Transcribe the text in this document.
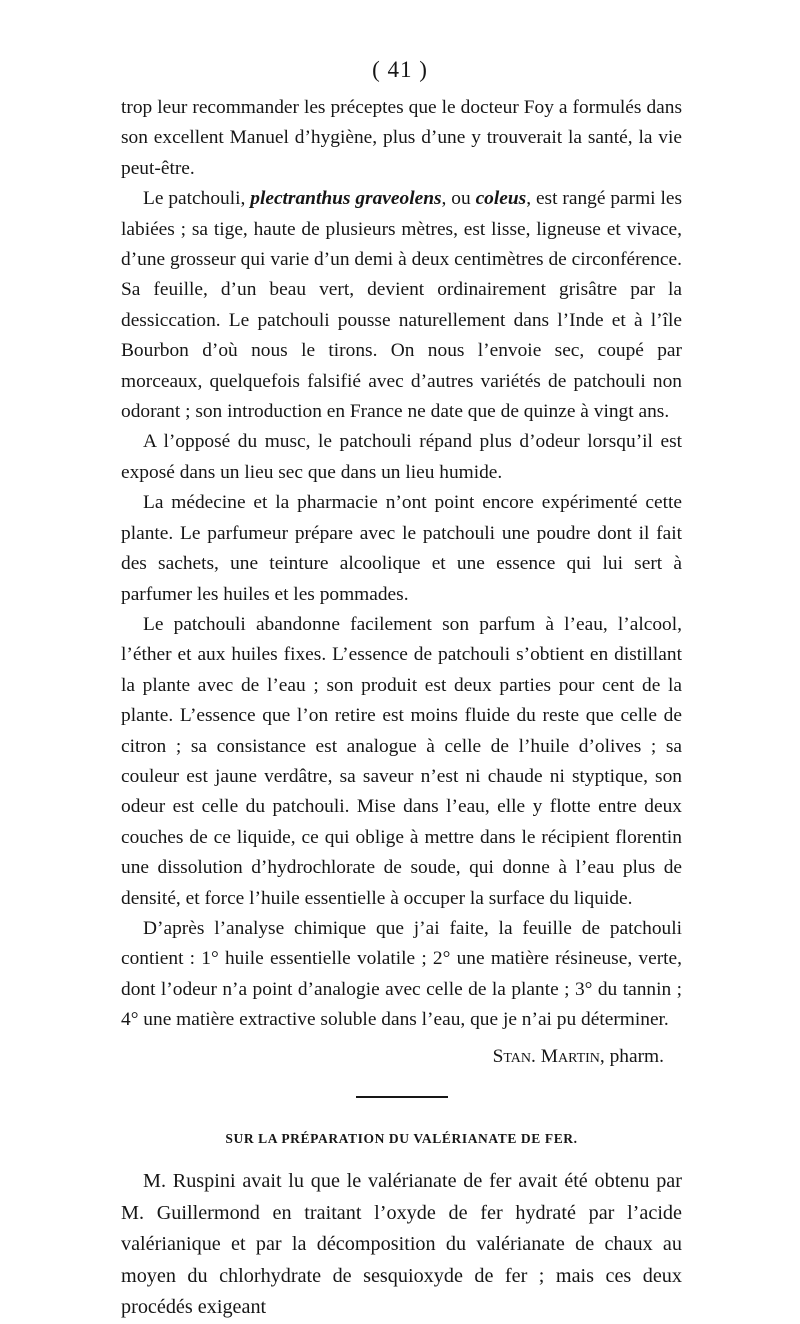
( 41 )

trop leur recommander les préceptes que le docteur Foy a formulés dans son excellent Manuel d’hygiène, plus d’une y trouverait la santé, la vie peut-être.

Le patchouli, plectranthus graveolens, ou coleus, est rangé parmi les labiées ; sa tige, haute de plusieurs mètres, est lisse, ligneuse et vivace, d’une grosseur qui varie d’un demi à deux centimètres de circonférence. Sa feuille, d’un beau vert, devient ordinairement grisâtre par la dessiccation. Le patchouli pousse naturellement dans l’Inde et à l’île Bourbon d’où nous le tirons. On nous l’envoie sec, coupé par morceaux, quelquefois falsifié avec d’autres variétés de patchouli non odorant ; son introduction en France ne date que de quinze à vingt ans.

A l’opposé du musc, le patchouli répand plus d’odeur lorsqu’il est exposé dans un lieu sec que dans un lieu humide.

La médecine et la pharmacie n’ont point encore expérimenté cette plante. Le parfumeur prépare avec le patchouli une poudre dont il fait des sachets, une teinture alcoolique et une essence qui lui sert à parfumer les huiles et les pommades.

Le patchouli abandonne facilement son parfum à l’eau, l’alcool, l’éther et aux huiles fixes. L’essence de patchouli s’obtient en distillant la plante avec de l’eau ; son produit est deux parties pour cent de la plante. L’essence que l’on retire est moins fluide du reste que celle de citron ; sa consistance est analogue à celle de l’huile d’olives ; sa couleur est jaune verdâtre, sa saveur n’est ni chaude ni styptique, son odeur est celle du patchouli. Mise dans l’eau, elle y flotte entre deux couches de ce liquide, ce qui oblige à mettre dans le récipient florentin une dissolution d’hydrochlorate de soude, qui donne à l’eau plus de densité, et force l’huile essentielle à occuper la surface du liquide.

D’après l’analyse chimique que j’ai faite, la feuille de patchouli contient : 1° huile essentielle volatile ; 2° une matière résineuse, verte, dont l’odeur n’a point d’analogie avec celle de la plante ; 3° du tannin ; 4° une matière extractive soluble dans l’eau, que je n’ai pu déterminer.

Stan. Martin, pharm.
SUR LA PRÉPARATION DU VALÉRIANATE DE FER.

M. Ruspini avait lu que le valérianate de fer avait été obtenu par M. Guillermond en traitant l’oxyde de fer hydraté par l’acide valérianique et par la décomposition du valérianate de chaux au moyen du chlorhydrate de sesquioxyde de fer ; mais ces deux procédés exigeant
